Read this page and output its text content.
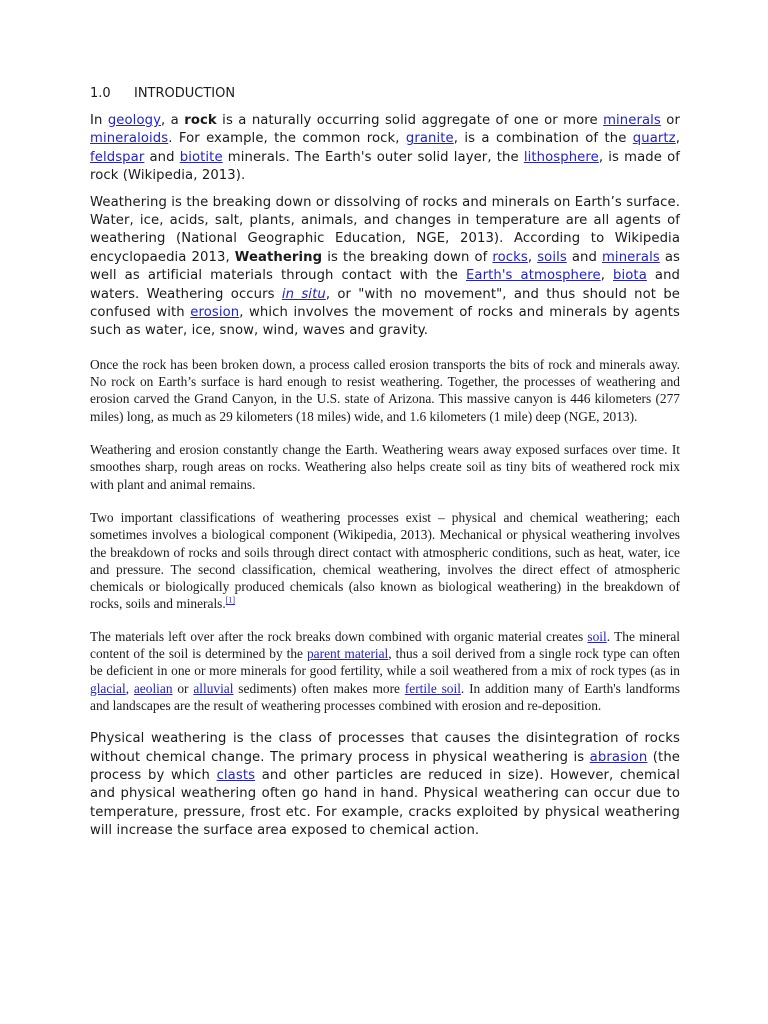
1.0 INTRODUCTION

In geology, a rock is a naturally occurring solid aggregate of one or more minerals or mineraloids. For example, the common rock, granite, is a combination of the quartz, feldspar and biotite minerals. The Earth's outer solid layer, the lithosphere, is made of rock (Wikipedia, 2013).

Weathering is the breaking down or dissolving of rocks and minerals on Earth’s surface. Water, ice, acids, salt, plants, animals, and changes in temperature are all agents of weathering (National Geographic Education, NGE, 2013). According to Wikipedia encyclopaedia 2013, Weathering is the breaking down of rocks, soils and minerals as well as artificial materials through contact with the Earth's atmosphere, biota and waters. Weathering occurs in situ, or "with no movement", and thus should not be confused with erosion, which involves the movement of rocks and minerals by agents such as water, ice, snow, wind, waves and gravity.

Once the rock has been broken down, a process called erosion transports the bits of rock and minerals away. No rock on Earth’s surface is hard enough to resist weathering. Together, the processes of weathering and erosion carved the Grand Canyon, in the U.S. state of Arizona. This massive canyon is 446 kilometers (277 miles) long, as much as 29 kilometers (18 miles) wide, and 1.6 kilometers (1 mile) deep (NGE, 2013).

Weathering and erosion constantly change the Earth. Weathering wears away exposed surfaces over time. It smoothes sharp, rough areas on rocks. Weathering also helps create soil as tiny bits of weathered rock mix with plant and animal remains.

Two important classifications of weathering processes exist – physical and chemical weathering; each sometimes involves a biological component (Wikipedia, 2013). Mechanical or physical weathering involves the breakdown of rocks and soils through direct contact with atmospheric conditions, such as heat, water, ice and pressure. The second classification, chemical weathering, involves the direct effect of atmospheric chemicals or biologically produced chemicals (also known as biological weathering) in the breakdown of rocks, soils and minerals.[1]

The materials left over after the rock breaks down combined with organic material creates soil. The mineral content of the soil is determined by the parent material, thus a soil derived from a single rock type can often be deficient in one or more minerals for good fertility, while a soil weathered from a mix of rock types (as in glacial, aeolian or alluvial sediments) often makes more fertile soil. In addition many of Earth's landforms and landscapes are the result of weathering processes combined with erosion and re-deposition.

Physical weathering is the class of processes that causes the disintegration of rocks without chemical change. The primary process in physical weathering is abrasion (the process by which clasts and other particles are reduced in size). However, chemical and physical weathering often go hand in hand. Physical weathering can occur due to temperature, pressure, frost etc. For example, cracks exploited by physical weathering will increase the surface area exposed to chemical action.
